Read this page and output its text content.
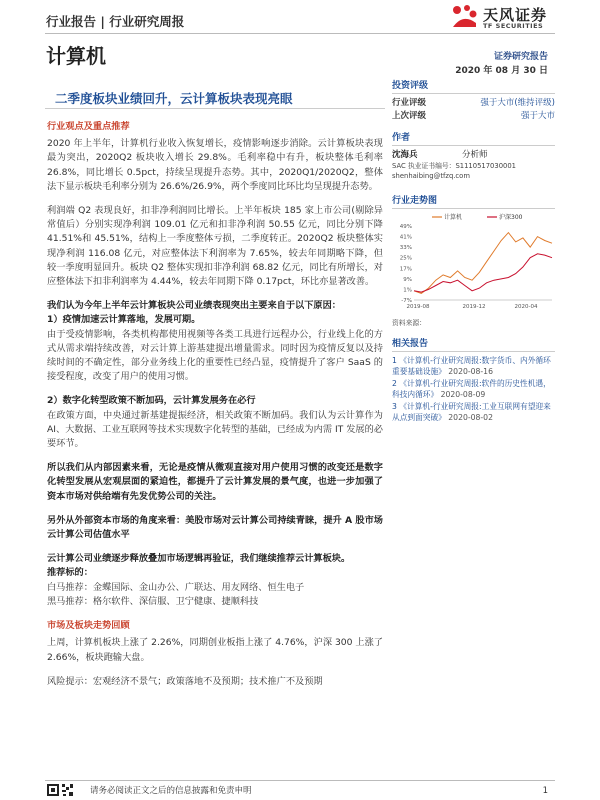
行业报告 | 行业研究周报	天风证券
TF SECURITIES
计算机	证券研究报告
2020 年 08 月 30 日
二季度板块业绩回升，云计算板块表现亮眼
投资评级
行业评级	强于大市(维持评级)
上次评级	强于大市
作者
沈海兵	分析师
SAC 执业证书编号：S1110517030001
shenhaibing@tfzq.com
行业走势图
-7%
1%
9%
17%
25%
33%
41%
49%
2019-08	2019-12	2020-04
计算机	沪深300
资料来源：
相关报告
1 《计算机-行业研究周报:数字货币、内外循环重要基础设施》 2020-08-16
2 《计算机-行业研究周报:软件的历史性机遇，科技内循环》 2020-08-09
3 《计算机-行业研究周报:工业互联网有望迎来从点到面突破》 2020-08-02
行业观点及重点推荐

2020 年上半年，计算机行业收入恢复增长，疫情影响逐步消除。云计算板块表现最为突出，2020Q2 板块收入增长 29.8%。毛利率稳中有升，板块整体毛利率 26.8%，同比增长 0.5pct，持续呈现提升态势。其中，2020Q1/2020Q2，整体法下显示板块毛利率分别为 26.6%/26.9%，两个季度同比环比均呈现提升态势。

利润端 Q2 表现良好，扣非净利润同比增长。上半年板块 185 家上市公司(剔除异常值后）分别实现净利润 109.01 亿元和扣非净利润 50.55 亿元，同比分别下降 41.51%和 45.51%，结构上一季度整体亏损，二季度转正。2020Q2 板块整体实现净利润 116.08 亿元，对应整体法下利润率为 7.65%，较去年同期略下降，但较一季度明显回升。板块 Q2 整体实现扣非净利润 68.82 亿元，同比有所增长，对应整体法下扣非利润率为 4.44%，较去年同期下降 0.17pct，环比亦显著改善。

我们认为今年上半年云计算板块公司业绩表现突出主要来自于以下原因：

1）疫情加速云计算落地，发展可期。

由于受疫情影响，各类机构都使用视频等各类工具进行远程办公，行业线上化的方式从需求端持续改善，对云计算上游基建提出增量需求。同时因为疫情反复以及持续时间的不确定性，部分业务线上化的重要性已经凸显，疫情提升了客户 SaaS 的接受程度，改变了用户的使用习惯。

2）数字化转型政策不断加码，云计算发展务在必行

在政策方面，中央通过新基建提振经济，相关政策不断加码。我们认为云计算作为 AI、大数据、工业互联网等技术实现数字化转型的基础，已经成为内需 IT 发展的必要环节。

所以我们从内部因素来看，无论是疫情从微观直接对用户使用习惯的改变还是数字化转型发展从宏观层面的紧迫性，都提升了云计算发展的景气度，也进一步加强了资本市场对供给端有先发优势公司的关注。

另外从外部资本市场的角度来看：美股市场对云计算公司持续青睐，提升 A 股市场云计算公司估值水平

云计算公司业绩逐步释放叠加市场逻辑再验证，我们继续推荐云计算板块。

推荐标的：

白马推荐：金蝶国际、金山办公、广联达、用友网络、恒生电子

黑马推荐：格尔软件、深信服、卫宁健康、捷顺科技

市场及板块走势回顾

上周，计算机板块上涨了 2.26%，同期创业板指上涨了 4.76%，沪深 300 上涨了 2.66%，板块跑输大盘。

风险提示：宏观经济不景气；政策落地不及预期；技术推广不及预期

请务必阅读正文之后的信息披露和免责申明	1
